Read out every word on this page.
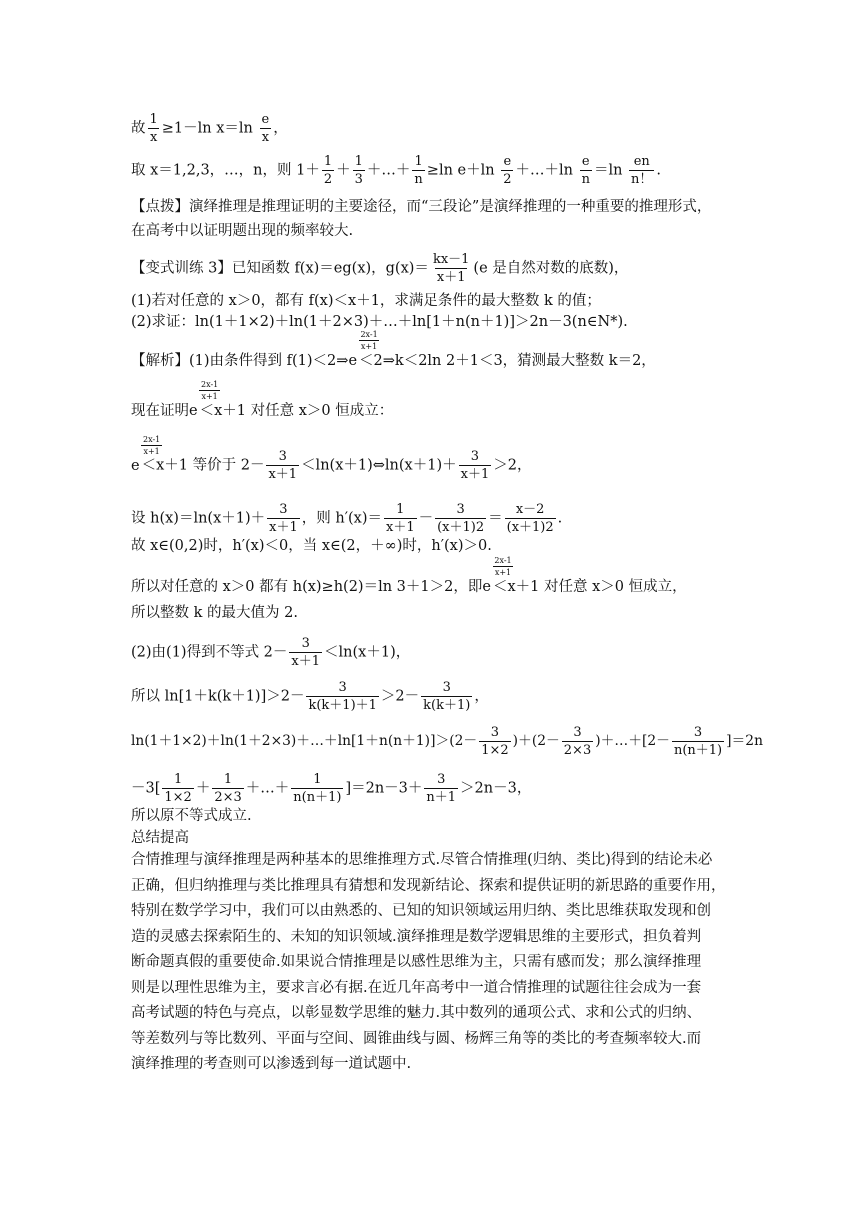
故 $\frac{1}{x} \ge 1-\ln$ $x=\ln \frac{e}{x}$ ，
取 x＝1,2,3，…，n，则 $1+ \frac{1}{2} + \frac{1}{3}$ ＋…＋ $\frac{1}{n} \ge\ln$ $e+\ln \frac{e}{2}$ ＋…＋ln $\frac{e}{n} =\ln \frac{en}{n!}$ .
【点拨】演绎推理是推理证明的主要途径，而“三段论”是演绎推理的一种重要的推理形式，
在高考中以证明题出现的频率较大.
【变式训练 3】已知函数 f(x)＝eg(x)，$g(x)= \frac{kx-1}{x+1} (e$ 是自然对数的底数)，
(1)若对任意的 x＞0，都有 f(x)＜x＋1，求满足条件的最大整数 k 的值；
(2)求证：ln(1＋1×2)＋ln(1＋2×3)＋…＋ln[1＋n(n＋1)]＞2n－3(n∈N*).
【解析】(1)由条件得到 f(1)＜2⇒e
$\frac{2x-1}{x+1}$
＜2⇒k＜2ln 2＋1＜3，猜测最大整数 k＝2，
现在证明e
$\frac{2x-1}{x+1}$
＜x＋1 对任意 x＞0 恒成立：
e
$\frac{2x-1}{x+1}$
＜x＋1 等价于 $2- \frac{3}{x+1}$ ＜ln(x＋1)⇔ln(x＋1)＋ $\frac{3}{x+1} >2$，
设 $h(x)=\ln(x+1)+ \frac{3}{x+1}$ ，则 $h'(x)= \frac{1}{x+1} - \frac{3}{(x+1)2} = \frac{x-2}{(x+1)2}$ .
故 x∈(0,2)时，h′(x)＜0，当 x∈(2，＋∞)时，h′(x)＞0.
所以对任意的 x＞0 都有 h(x)≥h(2)＝ln 3＋1＞2，即e
$\frac{2x-1}{x+1}$
＜x＋1 对任意 x＞0 恒成立，
所以整数 k 的最大值为 2.
(2)由(1)得到不等式 $2- \frac{3}{x+1} <\ln(x+1)$，
所以 $\ln[1+k(k+1)]>2- \frac{3}{k(k+1)+1} >2- \frac{3}{k(k+1)}$ ，
ln(1＋1×2)＋ln(1＋2×3)＋…＋ln[1＋n(n＋1)]＞(2－ $\frac{3}{1\times 2} )+(2- \frac{3}{2\times 3}$ )＋…＋[2－ $\frac{3}{n(n+1)} ]=2n$
$-3[ \frac{1}{1\times 2} + \frac{1}{2\times 3}$ ＋…＋ $\frac{1}{n(n+1)} ]=2n-3+ \frac{3}{n+1} >2n-3$，
所以原不等式成立.
总结提高
合情推理与演绎推理是两种基本的思维推理方式.尽管合情推理(归纳、类比)得到的结论未必
正确，但归纳推理与类比推理具有猜想和发现新结论、探索和提供证明的新思路的重要作用，
特别在数学学习中，我们可以由熟悉的、已知的知识领域运用归纳、类比思维获取发现和创
造的灵感去探索陌生的、未知的知识领域.演绎推理是数学逻辑思维的主要形式，担负着判
断命题真假的重要使命.如果说合情推理是以感性思维为主，只需有感而发；那么演绎推理
则是以理性思维为主，要求言必有据.在近几年高考中一道合情推理的试题往往会成为一套
高考试题的特色与亮点，以彰显数学思维的魅力.其中数列的通项公式、求和公式的归纳、
等差数列与等比数列、平面与空间、圆锥曲线与圆、杨辉三角等的类比的考查频率较大.而
演绎推理的考查则可以渗透到每一道试题中.
